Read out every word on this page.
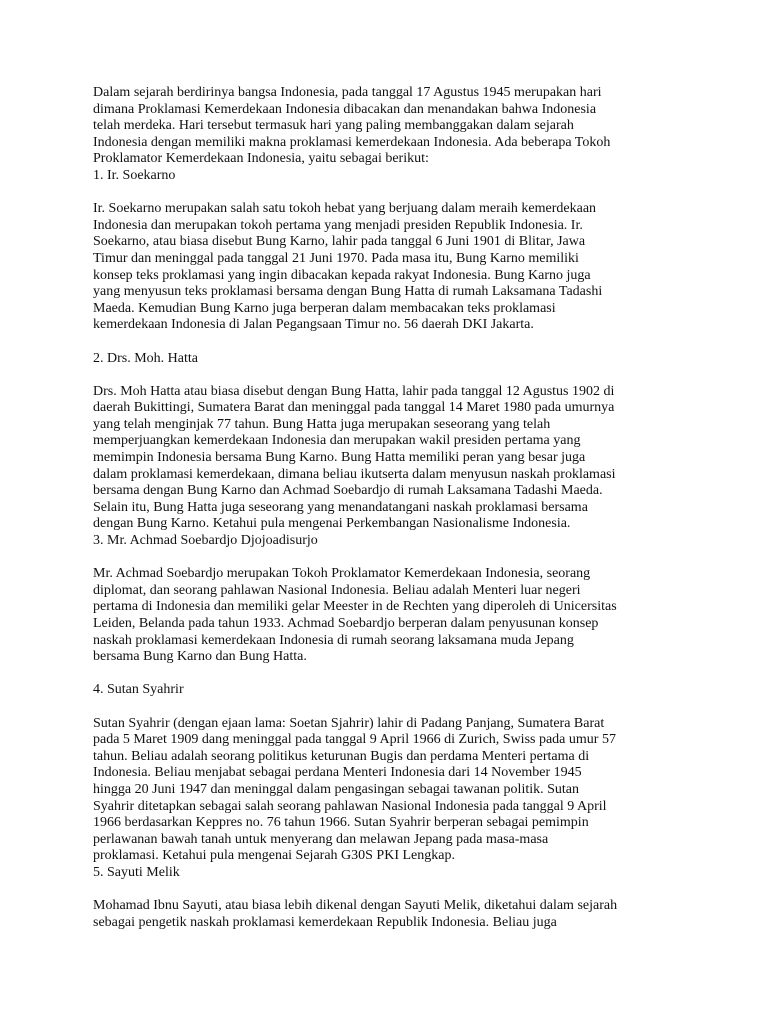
Dalam sejarah berdirinya bangsa Indonesia, pada tanggal 17 Agustus 1945 merupakan hari
dimana Proklamasi Kemerdekaan Indonesia dibacakan dan menandakan bahwa Indonesia
telah merdeka. Hari tersebut termasuk hari yang paling membanggakan dalam sejarah
Indonesia dengan memiliki makna proklamasi kemerdekaan Indonesia. Ada beberapa Tokoh
Proklamator Kemerdekaan Indonesia, yaitu sebagai berikut:

1. Ir. Soekarno

Ir. Soekarno merupakan salah satu tokoh hebat yang berjuang dalam meraih kemerdekaan
Indonesia dan merupakan tokoh pertama yang menjadi presiden Republik Indonesia. Ir.
Soekarno, atau biasa disebut Bung Karno, lahir pada tanggal 6 Juni 1901 di Blitar, Jawa
Timur dan meninggal pada tanggal 21 Juni 1970. Pada masa itu, Bung Karno memiliki
konsep teks proklamasi yang ingin dibacakan kepada rakyat Indonesia. Bung Karno juga
yang menyusun teks proklamasi bersama dengan Bung Hatta di rumah Laksamana Tadashi
Maeda. Kemudian Bung Karno juga berperan dalam membacakan teks proklamasi
kemerdekaan Indonesia di Jalan Pegangsaan Timur no. 56 daerah DKI Jakarta.

2. Drs. Moh. Hatta

Drs. Moh Hatta atau biasa disebut dengan Bung Hatta, lahir pada tanggal 12 Agustus 1902 di
daerah Bukittingi, Sumatera Barat dan meninggal pada tanggal 14 Maret 1980 pada umurnya
yang telah menginjak 77 tahun. Bung Hatta juga merupakan seseorang yang telah
memperjuangkan kemerdekaan Indonesia dan merupakan wakil presiden pertama yang
memimpin Indonesia bersama Bung Karno. Bung Hatta memiliki peran yang besar juga
dalam proklamasi kemerdekaan, dimana beliau ikutserta dalam menyusun naskah proklamasi
bersama dengan Bung Karno dan Achmad Soebardjo di rumah Laksamana Tadashi Maeda.
Selain itu, Bung Hatta juga seseorang yang menandatangani naskah proklamasi bersama
dengan Bung Karno. Ketahui pula mengenai Perkembangan Nasionalisme Indonesia.

3. Mr. Achmad Soebardjo Djojoadisurjo

Mr. Achmad Soebardjo merupakan Tokoh Proklamator Kemerdekaan Indonesia, seorang
diplomat, dan seorang pahlawan Nasional Indonesia. Beliau adalah Menteri luar negeri
pertama di Indonesia dan memiliki gelar Meester in de Rechten yang diperoleh di Unicersitas
Leiden, Belanda pada tahun 1933. Achmad Soebardjo berperan dalam penyusunan konsep
naskah proklamasi kemerdekaan Indonesia di rumah seorang laksamana muda Jepang
bersama Bung Karno dan Bung Hatta.

4. Sutan Syahrir

Sutan Syahrir (dengan ejaan lama: Soetan Sjahrir) lahir di Padang Panjang, Sumatera Barat
pada 5 Maret 1909 dang meninggal pada tanggal 9 April 1966 di Zurich, Swiss pada umur 57
tahun. Beliau adalah seorang politikus keturunan Bugis dan perdama Menteri pertama di
Indonesia. Beliau menjabat sebagai perdana Menteri Indonesia dari 14 November 1945
hingga 20 Juni 1947 dan meninggal dalam pengasingan sebagai tawanan politik. Sutan
Syahrir ditetapkan sebagai salah seorang pahlawan Nasional Indonesia pada tanggal 9 April
1966 berdasarkan Keppres no. 76 tahun 1966. Sutan Syahrir berperan sebagai pemimpin
perlawanan bawah tanah untuk menyerang dan melawan Jepang pada masa-masa
proklamasi. Ketahui pula mengenai Sejarah G30S PKI Lengkap.

5. Sayuti Melik

Mohamad Ibnu Sayuti, atau biasa lebih dikenal dengan Sayuti Melik, diketahui dalam sejarah
sebagai pengetik naskah proklamasi kemerdekaan Republik Indonesia. Beliau juga
